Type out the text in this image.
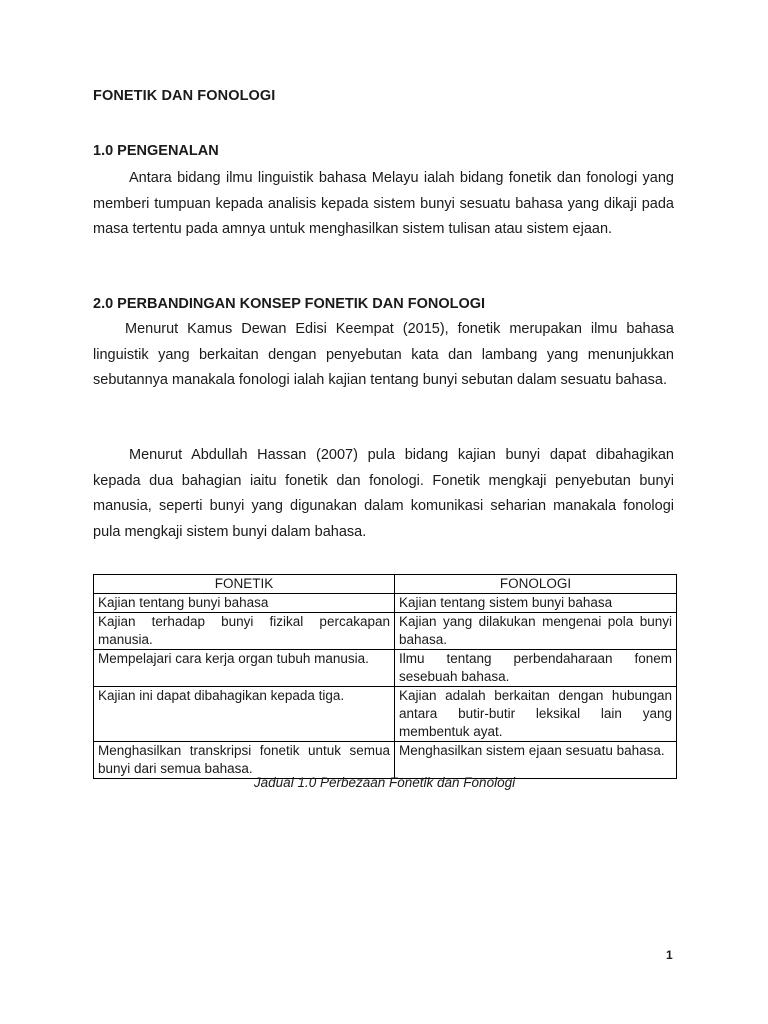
FONETIK DAN FONOLOGI
1.0 PENGENALAN

Antara bidang ilmu linguistik bahasa Melayu ialah bidang fonetik dan fonologi yang memberi tumpuan kepada analisis kepada sistem bunyi sesuatu bahasa yang dikaji pada masa tertentu pada amnya untuk menghasilkan sistem tulisan atau sistem ejaan.

2.0 PERBANDINGAN KONSEP FONETIK DAN FONOLOGI

Menurut Kamus Dewan Edisi Keempat (2015), fonetik merupakan ilmu bahasa linguistik yang berkaitan dengan penyebutan kata dan lambang yang menunjukkan sebutannya manakala fonologi ialah kajian tentang bunyi sebutan dalam sesuatu bahasa.

Menurut Abdullah Hassan (2007) pula bidang kajian bunyi dapat dibahagikan kepada dua bahagian iaitu fonetik dan fonologi. Fonetik mengkaji penyebutan bunyi manusia, seperti bunyi yang digunakan dalam komunikasi seharian manakala fonologi pula mengkaji sistem bunyi dalam bahasa.

FONETIK	FONOLOGI
Kajian tentang bunyi bahasa	Kajian tentang sistem bunyi bahasa
Kajian terhadap bunyi fizikal percakapan manusia.	Kajian yang dilakukan mengenai pola bunyi bahasa.
Mempelajari cara kerja organ tubuh manusia.	Ilmu tentang perbendaharaan fonem sesebuah bahasa.
Kajian ini dapat dibahagikan kepada tiga.	Kajian adalah berkaitan dengan hubungan antara butir-butir leksikal lain yang membentuk ayat.
Menghasilkan transkripsi fonetik untuk semua bunyi dari semua bahasa.	Menghasilkan sistem ejaan sesuatu bahasa.
Jadual 1.0 Perbezaan Fonetik dan Fonologi
1
